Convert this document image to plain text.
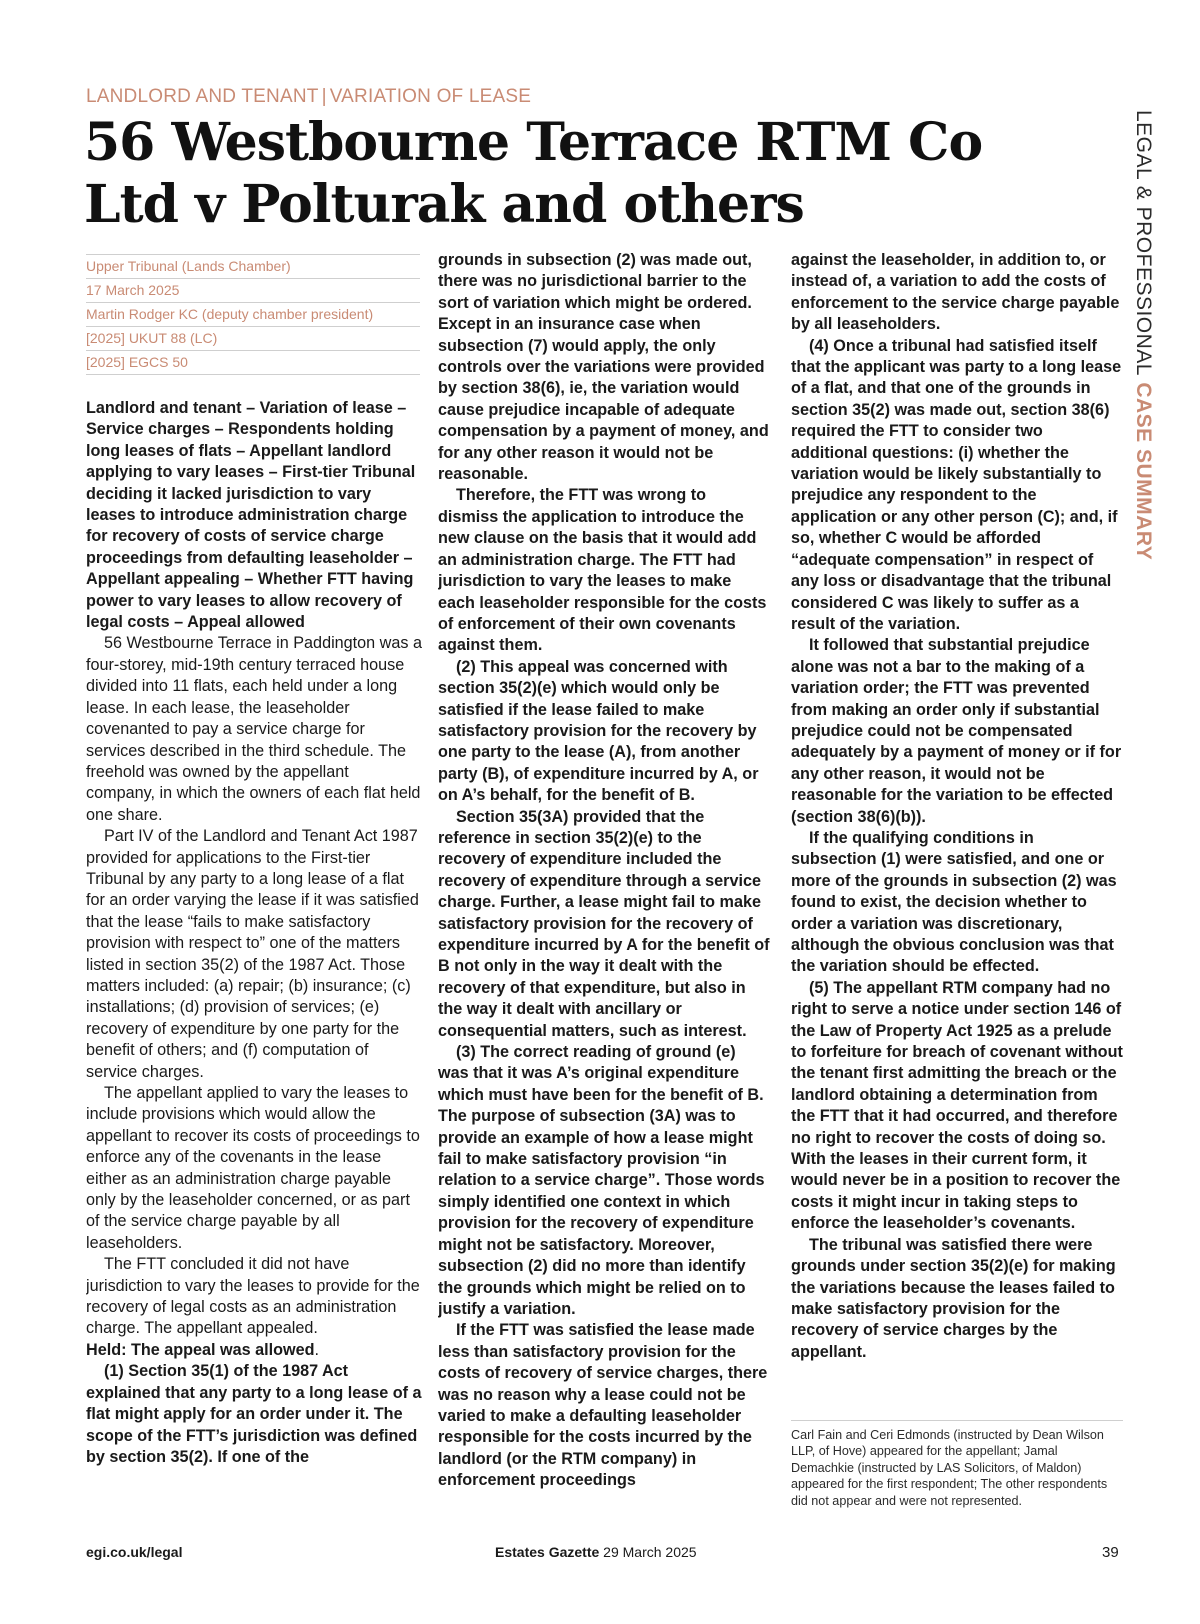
LANDLORD AND TENANT | VARIATION OF LEASE
56 Westbourne Terrace RTM Co Ltd v Polturak and others	LEGAL & PROFESSIONAL CASE SUMMARY
Upper Tribunal (Lands Chamber)
17 March 2025
Martin Rodger KC (deputy chamber president)
[2025] UKUT 88 (LC)
[2025] EGCS 50

Landlord and tenant – Variation of lease – Service charges – Respondents holding long leases of flats – Appellant landlord applying to vary leases – First-tier Tribunal deciding it lacked jurisdiction to vary leases to introduce administration charge for recovery of costs of service charge proceedings from defaulting leaseholder – Appellant appealing – Whether FTT having power to vary leases to allow recovery of legal costs – Appeal allowed

56 Westbourne Terrace in Paddington was a four-storey, mid-19th century terraced house divided into 11 flats, each held under a long lease. In each lease, the leaseholder covenanted to pay a service charge for services described in the third schedule. The freehold was owned by the appellant company, in which the owners of each flat held one share.

Part IV of the Landlord and Tenant Act 1987 provided for applications to the First-tier Tribunal by any party to a long lease of a flat for an order varying the lease if it was satisfied that the lease “fails to make satisfactory provision with respect to” one of the matters listed in section 35(2) of the 1987 Act. Those matters included: (a) repair; (b) insurance; (c) installations; (d) provision of services; (e) recovery of expenditure by one party for the benefit of others; and (f) computation of service charges.

The appellant applied to vary the leases to include provisions which would allow the appellant to recover its costs of proceedings to enforce any of the covenants in the lease either as an administration charge payable only by the leaseholder concerned, or as part of the service charge payable by all leaseholders.

The FTT concluded it did not have jurisdiction to vary the leases to provide for the recovery of legal costs as an administration charge. The appellant appealed.

Held: The appeal was allowed.

(1) Section 35(1) of the 1987 Act explained that any party to a long lease of a flat might apply for an order under it. The scope of the FTT’s jurisdiction was defined by section 35(2). If one of the

grounds in subsection (2) was made out, there was no jurisdictional barrier to the sort of variation which might be ordered. Except in an insurance case when subsection (7) would apply, the only controls over the variations were provided by section 38(6), ie, the variation would cause prejudice incapable of adequate compensation by a payment of money, and for any other reason it would not be reasonable.

Therefore, the FTT was wrong to dismiss the application to introduce the new clause on the basis that it would add an administration charge. The FTT had jurisdiction to vary the leases to make each leaseholder responsible for the costs of enforcement of their own covenants against them.

(2) This appeal was concerned with section 35(2)(e) which would only be satisfied if the lease failed to make satisfactory provision for the recovery by one party to the lease (A), from another party (B), of expenditure incurred by A, or on A’s behalf, for the benefit of B.

Section 35(3A) provided that the reference in section 35(2)(e) to the recovery of expenditure included the recovery of expenditure through a service charge. Further, a lease might fail to make satisfactory provision for the recovery of expenditure incurred by A for the benefit of B not only in the way it dealt with the recovery of that expenditure, but also in the way it dealt with ancillary or consequential matters, such as interest.

(3) The correct reading of ground (e) was that it was A’s original expenditure which must have been for the benefit of B. The purpose of subsection (3A) was to provide an example of how a lease might fail to make satisfactory provision “in relation to a service charge”. Those words simply identified one context in which provision for the recovery of expenditure might not be satisfactory. Moreover, subsection (2) did no more than identify the grounds which might be relied on to justify a variation.

If the FTT was satisfied the lease made less than satisfactory provision for the costs of recovery of service charges, there was no reason why a lease could not be varied to make a defaulting leaseholder responsible for the costs incurred by the landlord (or the RTM company) in enforcement proceedings

against the leaseholder, in addition to, or instead of, a variation to add the costs of enforcement to the service charge payable by all leaseholders.

(4) Once a tribunal had satisfied itself that the applicant was party to a long lease of a flat, and that one of the grounds in section 35(2) was made out, section 38(6) required the FTT to consider two additional questions: (i) whether the variation would be likely substantially to prejudice any respondent to the application or any other person (C); and, if so, whether C would be afforded “adequate compensation” in respect of any loss or disadvantage that the tribunal considered C was likely to suffer as a result of the variation.

It followed that substantial prejudice alone was not a bar to the making of a variation order; the FTT was prevented from making an order only if substantial prejudice could not be compensated adequately by a payment of money or if for any other reason, it would not be reasonable for the variation to be effected (section 38(6)(b)).

If the qualifying conditions in subsection (1) were satisfied, and one or more of the grounds in subsection (2) was found to exist, the decision whether to order a variation was discretionary, although the obvious conclusion was that the variation should be effected.

(5) The appellant RTM company had no right to serve a notice under section 146 of the Law of Property Act 1925 as a prelude to forfeiture for breach of covenant without the tenant first admitting the breach or the landlord obtaining a determination from the FTT that it had occurred, and therefore no right to recover the costs of doing so. With the leases in their current form, it would never be in a position to recover the costs it might incur in taking steps to enforce the leaseholder’s covenants.

The tribunal was satisfied there were grounds under section 35(2)(e) for making the variations because the leases failed to make satisfactory provision for the recovery of service charges by the appellant.

Carl Fain and Ceri Edmonds (instructed by Dean Wilson LLP, of Hove) appeared for the appellant; Jamal Demachkie (instructed by LAS Solicitors, of Maldon) appeared for the first respondent; The other respondents did not appear and were not represented.
egi.co.uk/legal	Estates Gazette 29 March 2025	39
